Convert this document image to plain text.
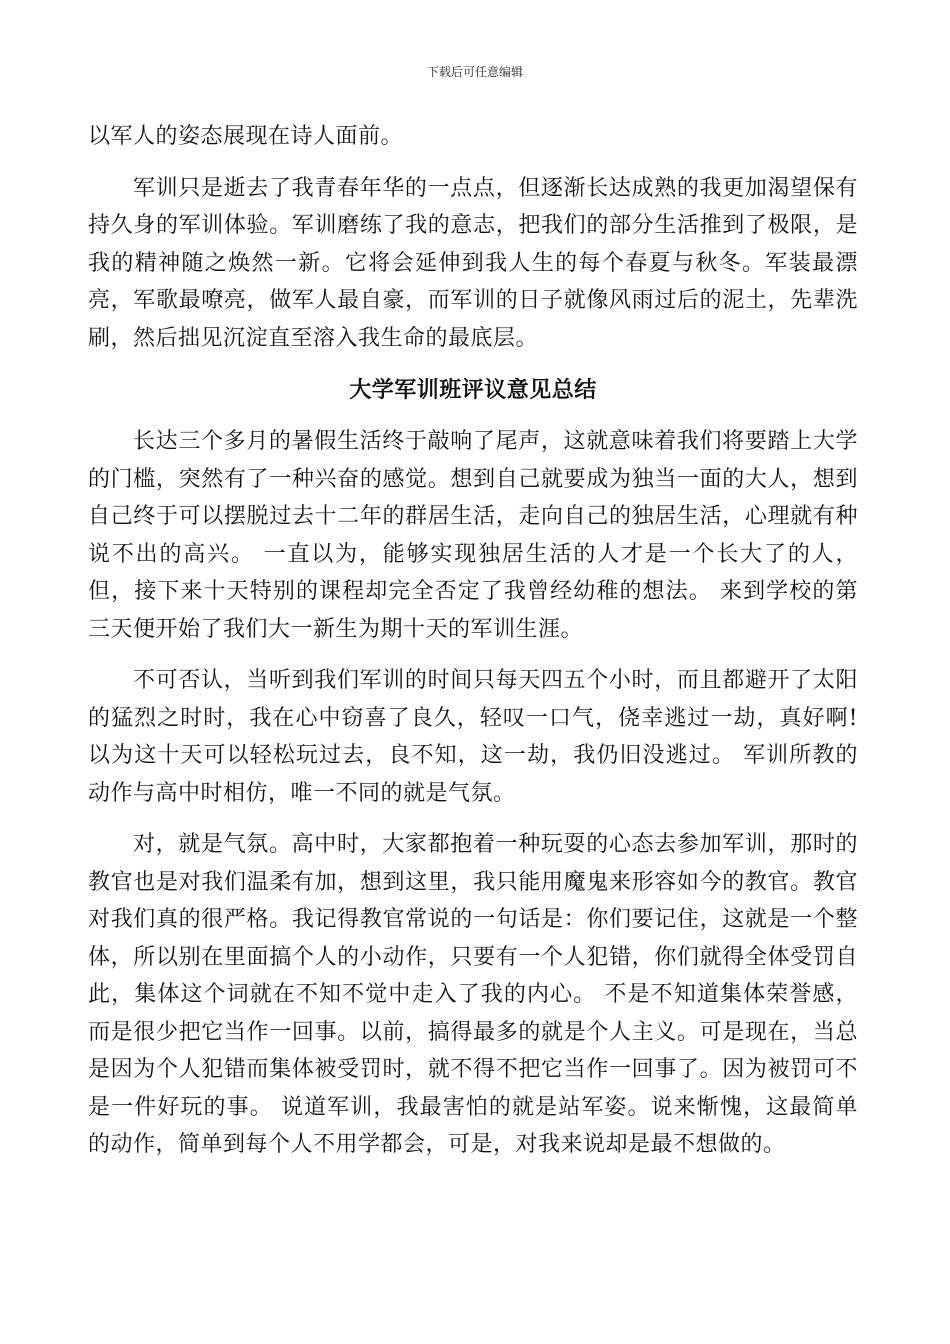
下载后可任意编辑

以军人的姿态展现在诗人面前。

军训只是逝去了我青春年华的一点点，但逐渐长达成熟的我更加渴望保有持久身的军训体验。军训磨练了我的意志，把我们的部分生活推到了极限，是我的精神随之焕然一新。它将会延伸到我人生的每个春夏与秋冬。军装最漂亮，军歌最嘹亮，做军人最自豪，而军训的日子就像风雨过后的泥土，先辈洗刷，然后拙见沉淀直至溶入我生命的最底层。

大学军训班评议意见总结

长达三个多月的暑假生活终于敲响了尾声，这就意味着我们将要踏上大学的门槛，突然有了一种兴奋的感觉。想到自己就要成为独当一面的大人，想到自己终于可以摆脱过去十二年的群居生活，走向自己的独居生活，心理就有种说不出的高兴。 一直以为，能够实现独居生活的人才是一个长大了的人，但，接下来十天特别的课程却完全否定了我曾经幼稚的想法。 来到学校的第三天便开始了我们大一新生为期十天的军训生涯。

不可否认，当听到我们军训的时间只每天四五个小时，而且都避开了太阳的猛烈之时时，我在心中窃喜了良久，轻叹一口气，侥幸逃过一劫，真好啊!以为这十天可以轻松玩过去，良不知，这一劫，我仍旧没逃过。 军训所教的动作与高中时相仿，唯一不同的就是气氛。

对，就是气氛。高中时，大家都抱着一种玩耍的心态去参加军训，那时的教官也是对我们温柔有加，想到这里，我只能用魔鬼来形容如今的教官。教官对我们真的很严格。我记得教官常说的一句话是：你们要记住，这就是一个整体，所以别在里面搞个人的小动作，只要有一个人犯错，你们就得全体受罚自此，集体这个词就在不知不觉中走入了我的内心。 不是不知道集体荣誉感，而是很少把它当作一回事。以前，搞得最多的就是个人主义。可是现在，当总是因为个人犯错而集体被受罚时，就不得不把它当作一回事了。因为被罚可不是一件好玩的事。 说道军训，我最害怕的就是站军姿。说来惭愧，这最简单的动作，简单到每个人不用学都会，可是，对我来说却是最不想做的。
